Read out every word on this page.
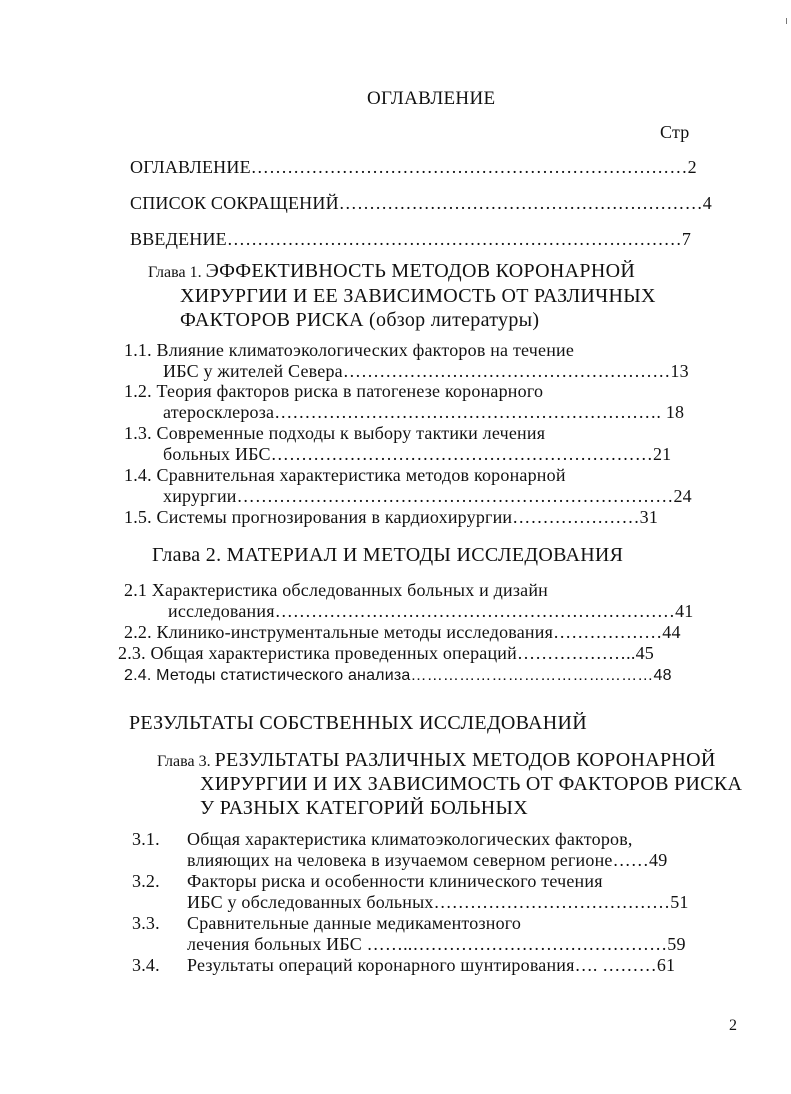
ОГЛАВЛЕНИЕ
Стр
ОГЛАВЛЕНИЕ………………………………………………………………2
СПИСОК СОКРАЩЕНИЙ……………………………………………………4
ВВЕДЕНИЕ…………………………………………………………………7
Глава 1. ЭФФЕКТИВНОСТЬ МЕТОДОВ КОРОНАРНОЙ
ХИРУРГИИ И ЕЕ ЗАВИСИМОСТЬ ОТ РАЗЛИЧНЫХ
ФАКТОРОВ РИСКА (обзор литературы)
1.1. Влияние климатоэкологических факторов на течение
ИБС у жителей Севера………………………………………………13
1.2. Теория факторов риска в патогенезе коронарного
атеросклероза………………………………………………………. 18
1.3. Современные подходы к выбору тактики лечения
больных ИБС………………………………………………………21
1.4. Сравнительная характеристика методов коронарной
хирургии………………………………………………………………24
1.5. Системы прогнозирования в кардиохирургии…………………31
Глава 2. МАТЕРИАЛ И МЕТОДЫ ИССЛЕДОВАНИЯ
2.1 Характеристика обследованных больных и дизайн
исследования…………………………………………………………41
2.2. Клинико-инструментальные методы исследования………………44
2.3. Общая характеристика проведенных операций………………..45
2.4. Методы статистического анализа………………………………………48
РЕЗУЛЬТАТЫ СОБСТВЕННЫХ ИССЛЕДОВАНИЙ
Глава 3. РЕЗУЛЬТАТЫ РАЗЛИЧНЫХ МЕТОДОВ КОРОНАРНОЙ
ХИРУРГИИ И ИХ ЗАВИСИМОСТЬ ОТ ФАКТОРОВ РИСКА
У РАЗНЫХ КАТЕГОРИЙ БОЛЬНЫХ
3.1. Общая характеристика климатоэкологических факторов,
влияющих на человека в изучаемом северном регионе……49
3.2. Факторы риска и особенности клинического течения
ИБС у обследованных больных…………………………………51
3.3. Сравнительные данные медикаментозного
лечения больных ИБС ……..……………………………………59
3.4. Результаты операций коронарного шунтирования…. ………61
2
